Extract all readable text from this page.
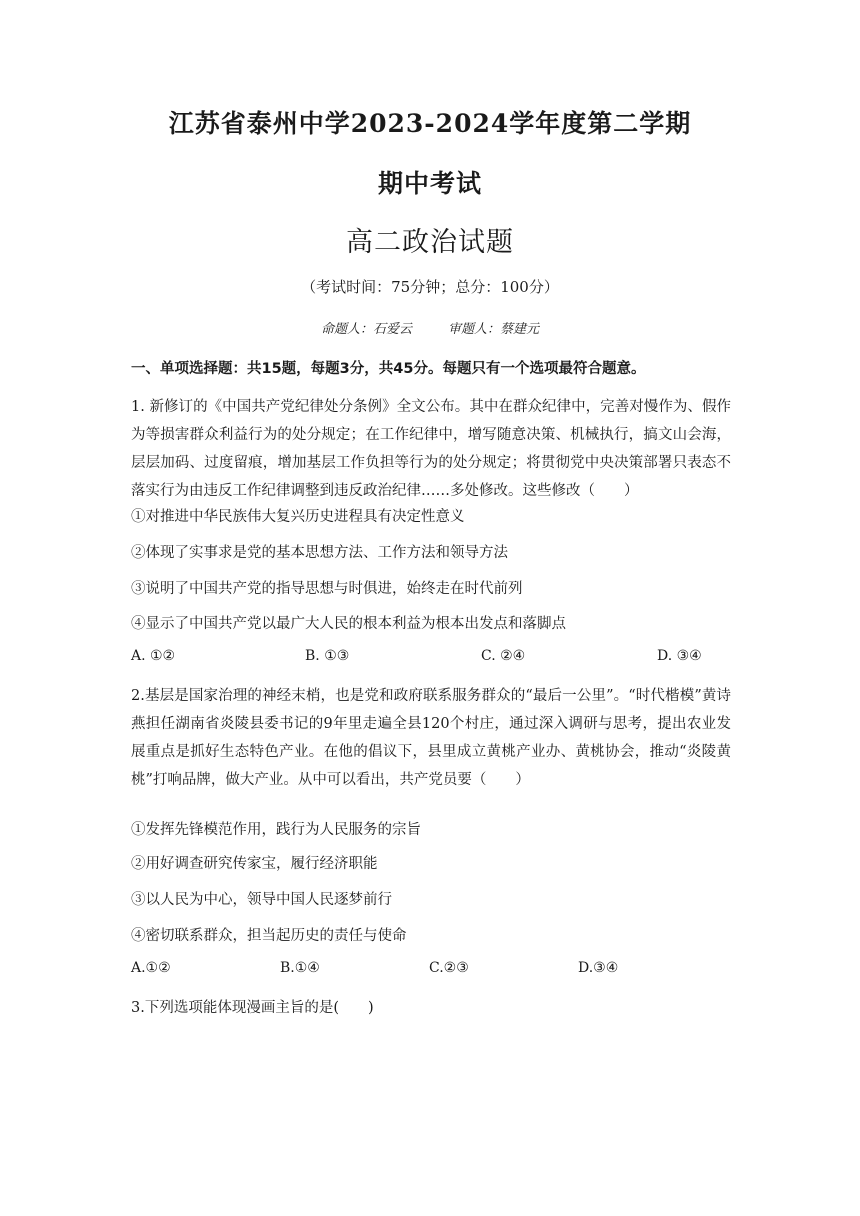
江苏省泰州中学2023-2024学年度第二学期
期中考试
高二政治试题
（考试时间：75分钟；总分：100分）
命题人：石爱云	审题人：蔡建元
一、单项选择题：共15题，每题3分，共45分。每题只有一个选项最符合题意。
1. 新修订的《中国共产党纪律处分条例》全文公布。其中在群众纪律中，完善对慢作为、假作为等损害群众利益行为的处分规定；在工作纪律中，增写随意决策、机械执行，搞文山会海，层层加码、过度留痕，增加基层工作负担等行为的处分规定；将贯彻党中央决策部署只表态不落实行为由违反工作纪律调整到违反政治纪律……多处修改。这些修改（　　）
①对推进中华民族伟大复兴历史进程具有决定性意义
②体现了实事求是党的基本思想方法、工作方法和领导方法
③说明了中国共产党的指导思想与时俱进，始终走在时代前列
④显示了中国共产党以最广大人民的根本利益为根本出发点和落脚点
A. ①②	B. ①③	C. ②④	D. ③④
2.基层是国家治理的神经末梢，也是党和政府联系服务群众的“最后一公里”。“时代楷模”黄诗燕担任湖南省炎陵县委书记的9年里走遍全县120个村庄，通过深入调研与思考，提出农业发展重点是抓好生态特色产业。在他的倡议下，县里成立黄桃产业办、黄桃协会，推动“炎陵黄桃”打响品牌，做大产业。从中可以看出，共产党员要（　　）
①发挥先锋模范作用，践行为人民服务的宗旨
②用好调查研究传家宝，履行经济职能
③以人民为中心，领导中国人民逐梦前行
④密切联系群众，担当起历史的责任与使命
A.①②	B.①④	C.②③	D.③④
3.下列选项能体现漫画主旨的是(　　)
